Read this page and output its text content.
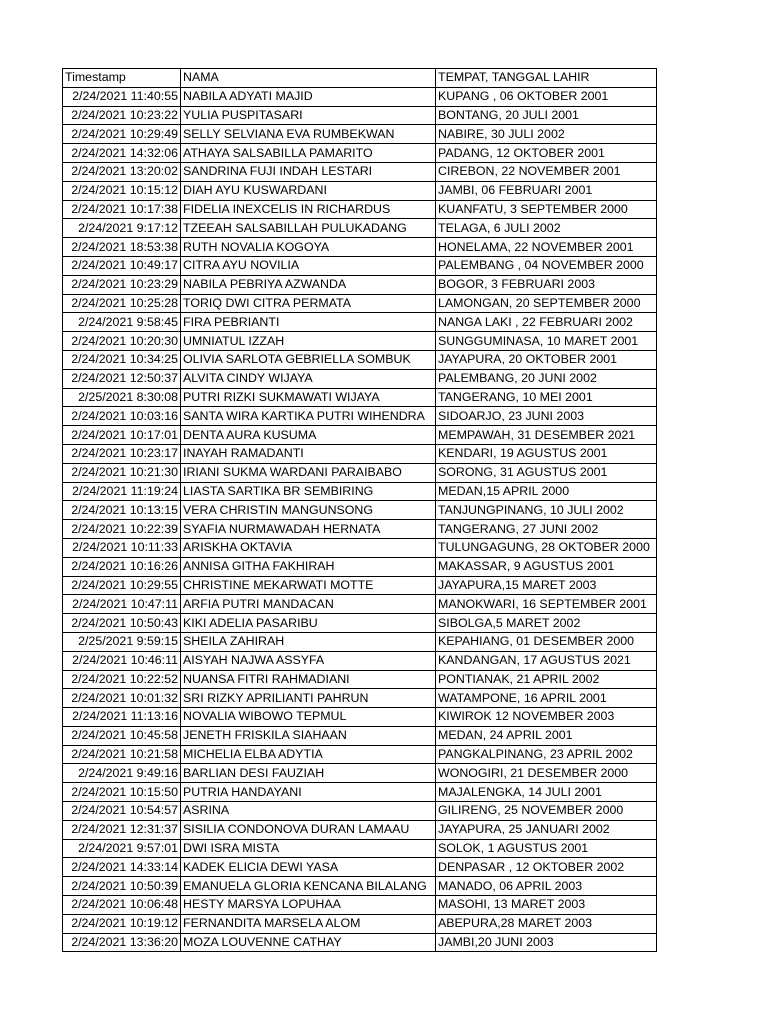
Timestamp	NAMA	TEMPAT, TANGGAL LAHIR
2/24/2021 11:40:55	NABILA ADYATI MAJID	KUPANG , 06 OKTOBER 2001
2/24/2021 10:23:22	YULIA PUSPITASARI	BONTANG, 20 JULI 2001
2/24/2021 10:29:49	SELLY SELVIANA EVA RUMBEKWAN	NABIRE, 30 JULI 2002
2/24/2021 14:32:06	ATHAYA SALSABILLA PAMARITO	PADANG, 12 OKTOBER 2001
2/24/2021 13:20:02	SANDRINA FUJI INDAH LESTARI	CIREBON, 22 NOVEMBER 2001
2/24/2021 10:15:12	DIAH AYU KUSWARDANI	JAMBI, 06 FEBRUARI 2001
2/24/2021 10:17:38	FIDELIA INEXCELIS IN RICHARDUS	KUANFATU, 3 SEPTEMBER 2000
2/24/2021 9:17:12	TZEEAH SALSABILLAH PULUKADANG	TELAGA, 6 JULI 2002
2/24/2021 18:53:38	RUTH NOVALIA KOGOYA	HONELAMA, 22 NOVEMBER 2001
2/24/2021 10:49:17	CITRA AYU NOVILIA	PALEMBANG , 04 NOVEMBER 2000
2/24/2021 10:23:29	NABILA PEBRIYA AZWANDA	BOGOR, 3 FEBRUARI 2003
2/24/2021 10:25:28	TORIQ DWI CITRA PERMATA	LAMONGAN, 20 SEPTEMBER 2000
2/24/2021 9:58:45	FIRA PEBRIANTI	NANGA LAKI , 22 FEBRUARI 2002
2/24/2021 10:20:30	UMNIATUL IZZAH	SUNGGUMINASA, 10 MARET 2001
2/24/2021 10:34:25	OLIVIA SARLOTA GEBRIELLA SOMBUK	JAYAPURA, 20 OKTOBER 2001
2/24/2021 12:50:37	ALVITA CINDY WIJAYA	PALEMBANG, 20 JUNI 2002
2/25/2021 8:30:08	PUTRI RIZKI SUKMAWATI WIJAYA	TANGERANG, 10 MEI 2001
2/24/2021 10:03:16	SANTA WIRA KARTIKA PUTRI WIHENDRA	SIDOARJO, 23 JUNI 2003
2/24/2021 10:17:01	DENTA AURA KUSUMA	MEMPAWAH, 31 DESEMBER 2021
2/24/2021 10:23:17	INAYAH RAMADANTI	KENDARI, 19 AGUSTUS 2001
2/24/2021 10:21:30	IRIANI SUKMA WARDANI PARAIBABO	SORONG, 31 AGUSTUS 2001
2/24/2021 11:19:24	LIASTA SARTIKA BR SEMBIRING	MEDAN,15 APRIL 2000
2/24/2021 10:13:15	VERA CHRISTIN MANGUNSONG	TANJUNGPINANG, 10 JULI 2002
2/24/2021 10:22:39	SYAFIA NURMAWADAH HERNATA	TANGERANG, 27 JUNI 2002
2/24/2021 10:11:33	ARISKHA OKTAVIA	TULUNGAGUNG, 28 OKTOBER 2000
2/24/2021 10:16:26	ANNISA GITHA FAKHIRAH	MAKASSAR, 9 AGUSTUS 2001
2/24/2021 10:29:55	CHRISTINE MEKARWATI MOTTE	JAYAPURA,15 MARET 2003
2/24/2021 10:47:11	ARFIA PUTRI MANDACAN	MANOKWARI, 16 SEPTEMBER 2001
2/24/2021 10:50:43	KIKI ADELIA PASARIBU	SIBOLGA,5 MARET 2002
2/25/2021 9:59:15	SHEILA ZAHIRAH	KEPAHIANG, 01 DESEMBER 2000
2/24/2021 10:46:11	AISYAH NAJWA ASSYFA	KANDANGAN, 17 AGUSTUS 2021
2/24/2021 10:22:52	NUANSA FITRI RAHMADIANI	PONTIANAK, 21 APRIL 2002
2/24/2021 10:01:32	SRI RIZKY APRILIANTI PAHRUN	WATAMPONE, 16 APRIL 2001
2/24/2021 11:13:16	NOVALIA WIBOWO TEPMUL	KIWIROK 12 NOVEMBER 2003
2/24/2021 10:45:58	JENETH FRISKILA SIAHAAN	MEDAN, 24 APRIL 2001
2/24/2021 10:21:58	MICHELIA ELBA ADYTIA	PANGKALPINANG, 23 APRIL 2002
2/24/2021 9:49:16	BARLIAN DESI FAUZIAH	WONOGIRI, 21 DESEMBER 2000
2/24/2021 10:15:50	PUTRIA HANDAYANI	MAJALENGKA, 14 JULI 2001
2/24/2021 10:54:57	ASRINA	GILIRENG, 25 NOVEMBER 2000
2/24/2021 12:31:37	SISILIA CONDONOVA DURAN LAMAAU	JAYAPURA, 25 JANUARI 2002
2/24/2021 9:57:01	DWI ISRA MISTA	SOLOK, 1 AGUSTUS 2001
2/24/2021 14:33:14	KADEK ELICIA DEWI YASA	DENPASAR , 12 OKTOBER 2002
2/24/2021 10:50:39	EMANUELA GLORIA KENCANA BILALANG	MANADO, 06 APRIL 2003
2/24/2021 10:06:48	HESTY MARSYA LOPUHAA	MASOHI, 13 MARET 2003
2/24/2021 10:19:12	FERNANDITA MARSELA ALOM	ABEPURA,28 MARET 2003
2/24/2021 13:36:20	MOZA LOUVENNE CATHAY	JAMBI,20 JUNI 2003
